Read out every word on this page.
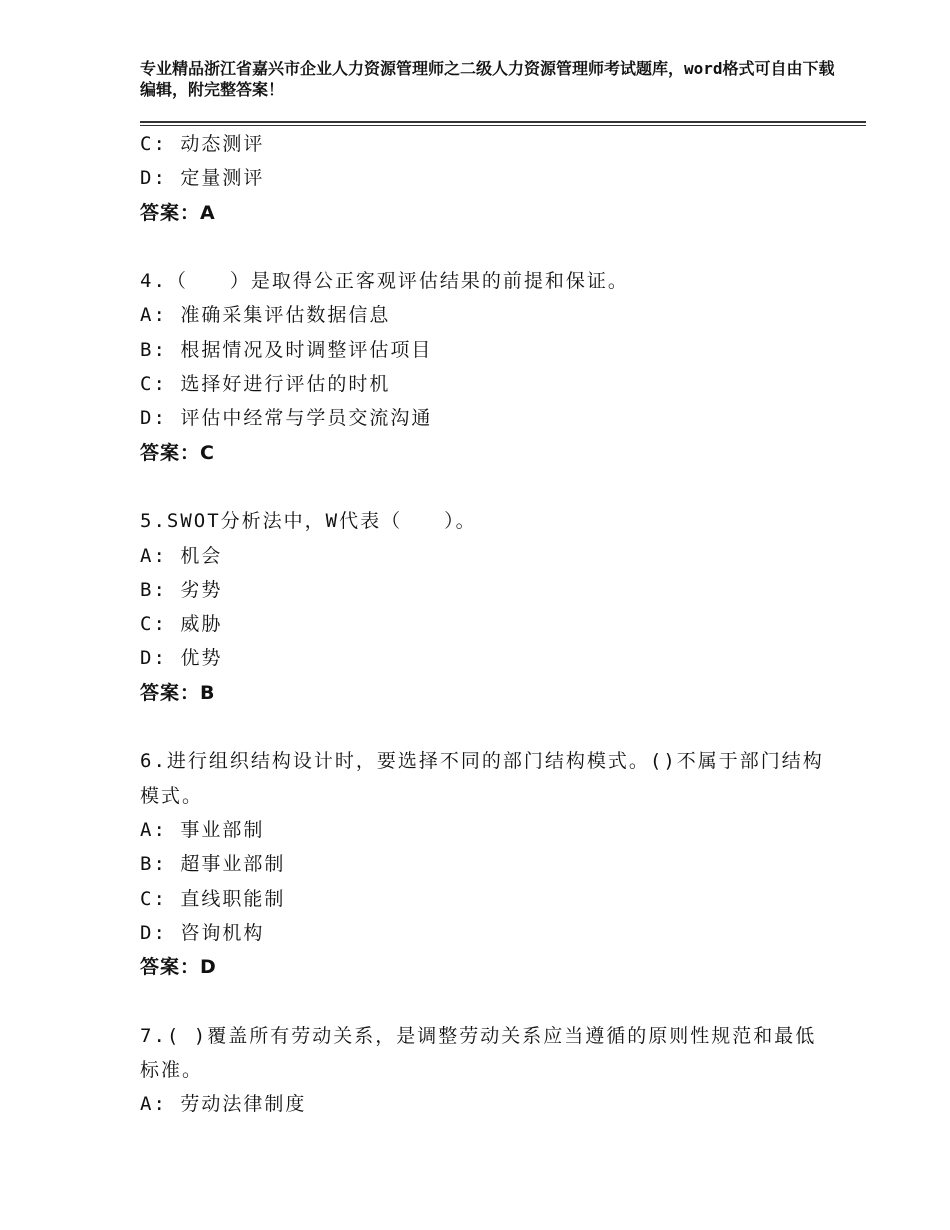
专业精品浙江省嘉兴市企业人力资源管理师之二级人力资源管理师考试题库，word格式可自由下载编辑，附完整答案！
C: 动态测评
D: 定量测评
答案：A
4.（　　）是取得公正客观评估结果的前提和保证。
A: 准确采集评估数据信息
B: 根据情况及时调整评估项目
C: 选择好进行评估的时机
D: 评估中经常与学员交流沟通
答案：C
5.SWOT分析法中，W代表（　　）。
A: 机会
B: 劣势
C: 威胁
D: 优势
答案：B
6.进行组织结构设计时，要选择不同的部门结构模式。()不属于部门结构模式。
A: 事业部制
B: 超事业部制
C: 直线职能制
D: 咨询机构
答案：D
7.( )覆盖所有劳动关系，是调整劳动关系应当遵循的原则性规范和最低标准。
A: 劳动法律制度
